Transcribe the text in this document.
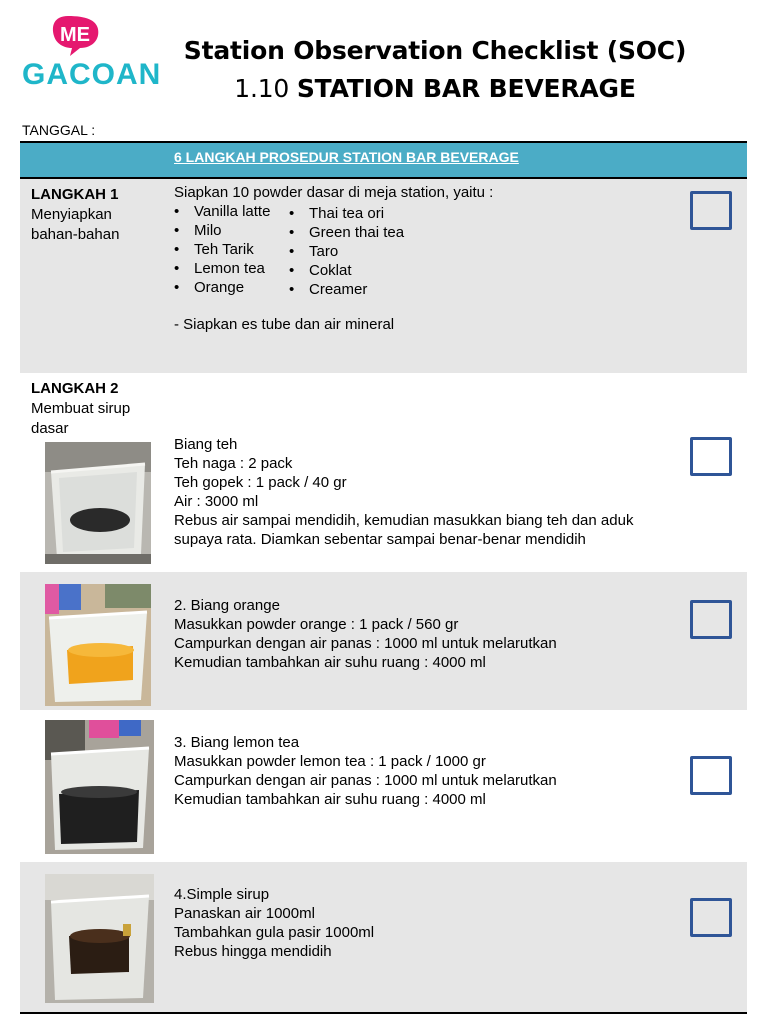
ME
GACOAN
Station Observation Checklist (SOC)
1.10 STATION BAR BEVERAGE
TANGGAL :
6 LANGKAH PROSEDUR STATION BAR BEVERAGE
LANGKAH 1
Menyiapkan
bahan-bahan
Siapkan 10 powder dasar di meja station, yaitu :
• Vanilla latte
• Milo
• Teh Tarik
• Lemon tea
• Orange
• Thai tea ori
• Green thai tea
• Taro
• Coklat
• Creamer
- Siapkan es tube dan air mineral
LANGKAH 2
Membuat sirup
dasar
Biang teh
Teh naga : 2 pack
Teh gopek : 1 pack / 40 gr
Air : 3000 ml
Rebus air sampai mendidih, kemudian masukkan biang teh dan aduk
supaya rata. Diamkan sebentar sampai benar-benar mendidih
2. Biang orange
Masukkan powder orange : 1 pack / 560 gr
Campurkan dengan air panas : 1000 ml untuk melarutkan
Kemudian tambahkan air suhu ruang : 4000 ml
3. Biang lemon tea
Masukkan powder lemon tea : 1 pack / 1000 gr
Campurkan dengan air panas : 1000 ml untuk melarutkan
Kemudian tambahkan air suhu ruang : 4000 ml
4.Simple sirup
Panaskan air 1000ml
Tambahkan gula pasir 1000ml
Rebus hingga mendidih
